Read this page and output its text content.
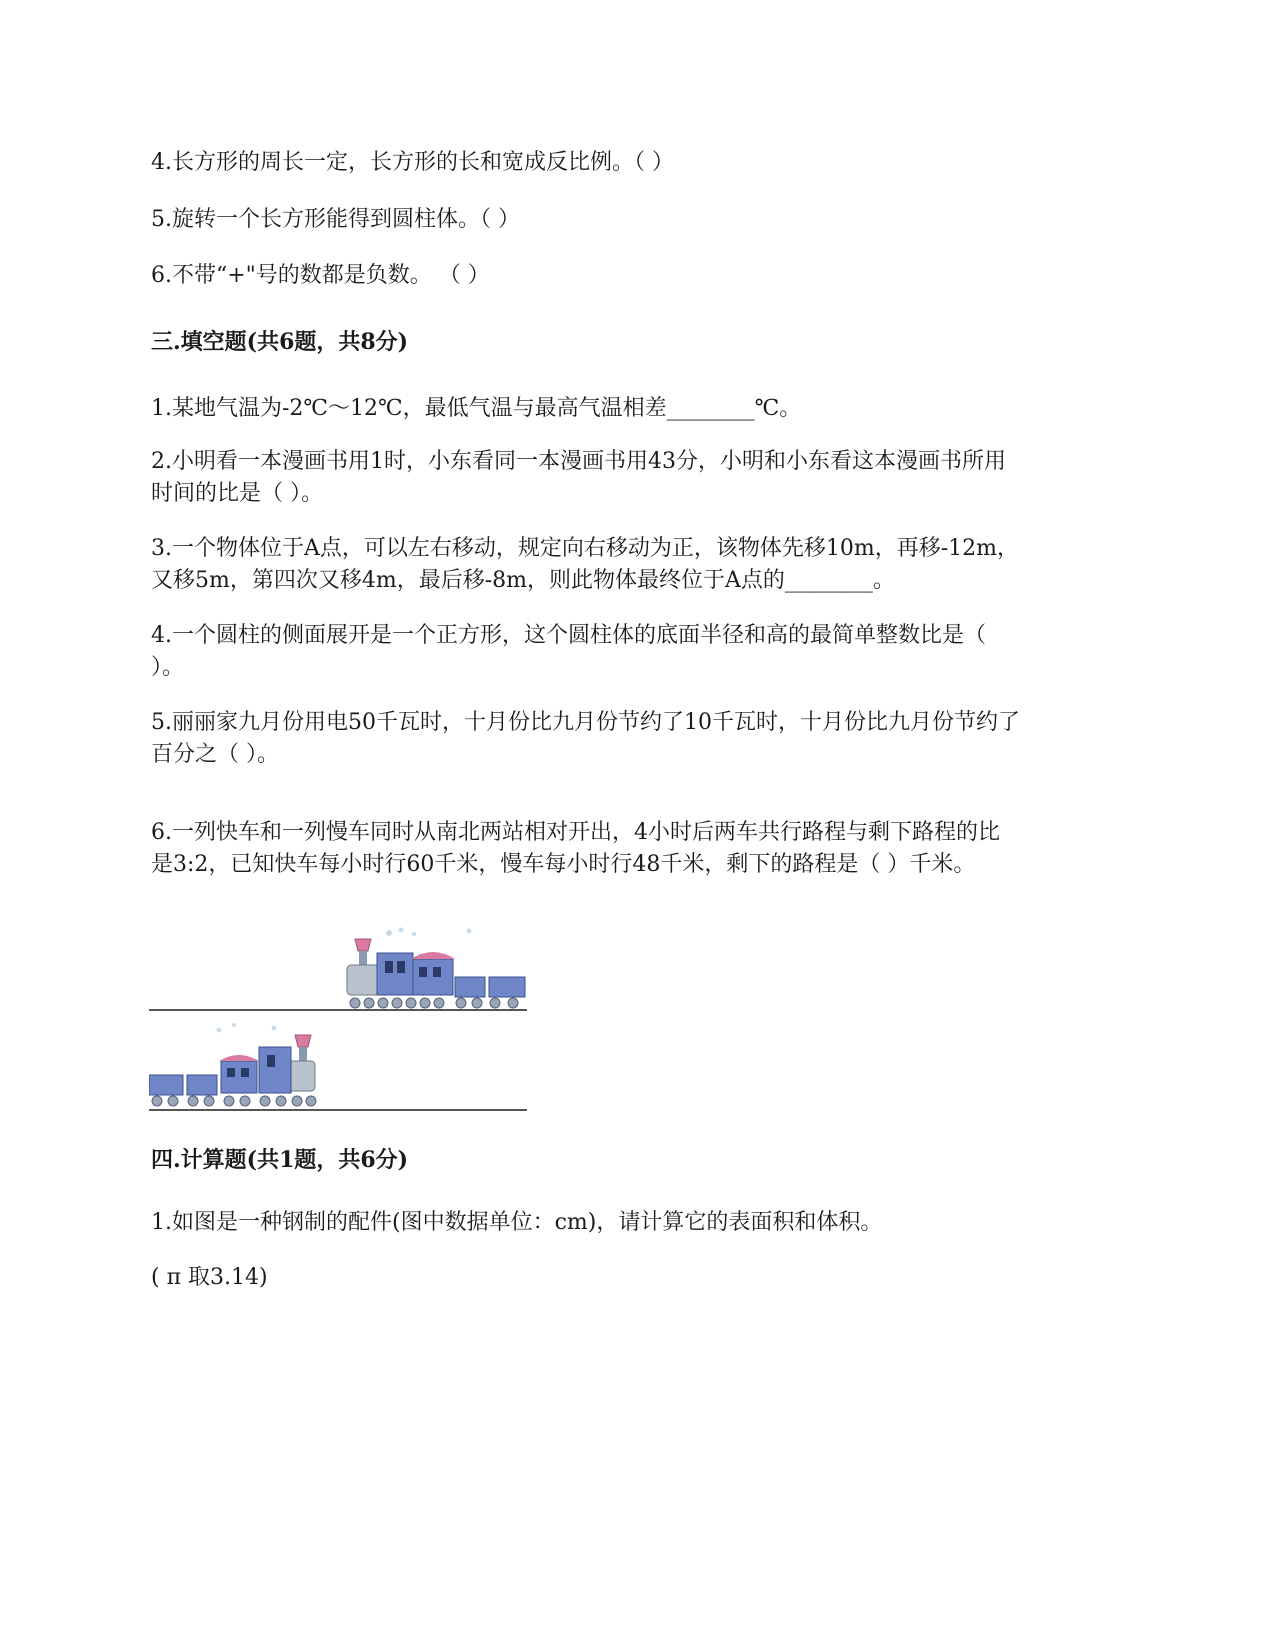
4.长方形的周长一定，长方形的长和宽成反比例。（ ）
5.旋转一个长方形能得到圆柱体。（ ）
6.不带“+"号的数都是负数。 （ ）
三.填空题(共6题，共8分)
1.某地气温为-2℃～12℃，最低气温与最高气温相差________℃。
2.小明看一本漫画书用1时，小东看同一本漫画书用43分，小明和小东看这本漫画书所用
时间的比是（ ）。
3.一个物体位于A点，可以左右移动，规定向右移动为正，该物体先移10m，再移-12m，
又移5m，第四次又移4m，最后移-8m，则此物体最终位于A点的________。
4.一个圆柱的侧面展开是一个正方形，这个圆柱体的底面半径和高的最简单整数比是（
）。
5.丽丽家九月份用电50千瓦时，十月份比九月份节约了10千瓦时，十月份比九月份节约了
百分之（ ）。
6.一列快车和一列慢车同时从南北两站相对开出，4小时后两车共行路程与剩下路程的比
是3:2，已知快车每小时行60千米，慢车每小时行48千米，剩下的路程是（ ）千米。
四.计算题(共1题，共6分)
1.如图是一种钢制的配件(图中数据单位：cm)，请计算它的表面积和体积。
( π 取3.14)
